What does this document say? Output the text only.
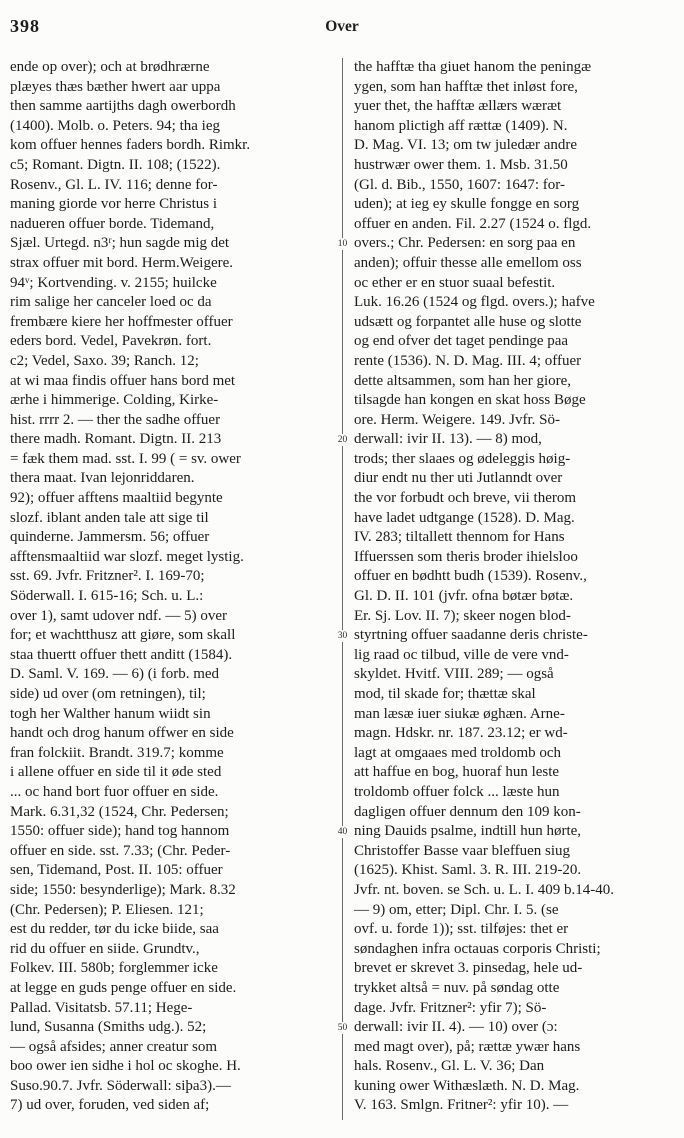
398	Over
ende op over); och at brødhrærne
plæyes thæs bæther hwert aar uppa
then samme aartijths dagh owerbordh
(1400). Molb. o. Peters. 94; tha ieg
kom offuer hennes faders bordh. Rimkr.
c5; Romant. Digtn. II. 108; (1522).
Rosenv., Gl. L. IV. 116; denne for-
maning giorde vor herre Christus i
nadueren offuer borde. Tidemand,
Sjæl. Urtegd. n3ʳ; hun sagde mig det
strax offuer mit bord. Herm.Weigere.
94ᵛ; Kortvending. v. 2155; huilcke
rim salige her canceler loed oc da
frembære kiere her hoffmester offuer
eders bord. Vedel, Pavekrøn. fort.
c2; Vedel, Saxo. 39; Ranch. 12;
at wi maa findis offuer hans bord met
ærhe i himmerige. Colding, Kirke-
hist. rrrr 2. — ther the sadhe offuer
there madh. Romant. Digtn. II. 213
= fæk them mad. sst. I. 99 ( = sv. ower
thera maat. Ivan lejonriddaren.
92); offuer afftens maaltiid begynte
slozf. iblant anden tale att sige til
quinderne. Jammersm. 56; offuer
afftensmaaltiid war slozf. meget lystig.
sst. 69. Jvfr. Fritzner². I. 169-70;
Söderwall. I. 615-16; Sch. u. L.:
over 1), samt udover ndf. — 5) over
for; et wachtthusz att giøre, som skall
staa thuertt offuer thett anditt (1584).
D. Saml. V. 169. — 6) (i forb. med
side) ud over (om retningen), til;
togh her Walther hanum wiidt sin
handt och drog hanum offwer en side
fran folckiit. Brandt. 319.7; komme
i allene offuer en side til it øde sted
... oc hand bort fuor offuer en side.
Mark. 6.31,32 (1524, Chr. Pedersen;
1550: offuer side); hand tog hannom
offuer en side. sst. 7.33; (Chr. Peder-
sen, Tidemand, Post. II. 105: offuer
side; 1550: besynderlige); Mark. 8.32
(Chr. Pedersen); P. Eliesen. 121;
est du redder, tør du icke biide, saa
rid du offuer en siide. Grundtv.,
Folkev. III. 580b; forglemmer icke
at legge en guds penge offuer en side.
Pallad. Visitatsb. 57.11; Hege-
lund, Susanna (Smiths udg.). 52;
— også afsides; anner creatur som
boo ower ien sidhe i hol oc skoghe. H.
Suso.90.7. Jvfr. Söderwall: siþa3).—
7) ud over, foruden, ved siden af;
the hafftæ tha giuet hanom the peningæ
ygen, som han hafftæ thet inløst fore,
yuer thet, the hafftæ ællærs wæræt
hanom plictigh aff rættæ (1409). N.
D. Mag. VI. 13; om tw juledær andre
hustrwær ower them. 1. Msb. 31.50
(Gl. d. Bib., 1550, 1607: 1647: for-
uden); at ieg ey skulle fongge en sorg
offuer en anden. Fil. 2.27 (1524 o. flgd.
overs.; Chr. Pedersen: en sorg paa en
anden); offuir thesse alle emellom oss
oc ether er en stuor suaal befestit.
Luk. 16.26 (1524 og flgd. overs.); hafve
udsætt og forpantet alle huse og slotte
og end ofver det taget pendinge paa
rente (1536). N. D. Mag. III. 4; offuer
dette altsammen, som han her giore,
tilsagde han kongen en skat hoss Bøge
ore. Herm. Weigere. 149. Jvfr. Sö-
derwall: ivir II. 13). — 8) mod,
trods; ther slaaes og ødeleggis høig-
diur endt nu ther uti Jutlanndt over
the vor forbudt och breve, vii therom
have ladet udtgange (1528). D. Mag.
IV. 283; tiltallett thennom for Hans
Iffuerssen som theris broder ihielsloo
offuer en bødhtt budh (1539). Rosenv.,
Gl. D. II. 101 (jvfr. ofna bøtær bøtæ.
Er. Sj. Lov. II. 7); skeer nogen blod-
styrtning offuer saadanne deris christe-
lig raad oc tilbud, ville de vere vnd-
skyldet. Hvitf. VIII. 289; — også
mod, til skade for; thættæ skal
man læsæ iuer siukæ øghæn. Arne-
magn. Hdskr. nr. 187. 23.12; er wd-
lagt at omgaaes med troldomb och
att haffue en bog, huoraf hun leste
troldomb offuer folck ... læste hun
dagligen offuer dennum den 109 kon-
ning Dauids psalme, indtill hun hørte,
Christoffer Basse vaar bleffuen siug
(1625). Khist. Saml. 3. R. III. 219-20.
Jvfr. nt. boven. se Sch. u. L. I. 409 b.14-40.
— 9) om, etter; Dipl. Chr. I. 5. (se
ovf. u. forde 1)); sst. tilføjes: thet er
søndaghen infra octauas corporis Christi;
brevet er skrevet 3. pinsedag, hele ud-
trykket altså = nuv. på søndag otte
dage. Jvfr. Fritzner²: yfir 7); Sö-
derwall: ivir II. 4). — 10) over (ɔ:
med magt over), på; rættæ ywær hans
hals. Rosenv., Gl. L. V. 36; Dan
kuning ower Withæslæth. N. D. Mag.
V. 163. Smlgn. Fritner²: yfir 10). —
10
20
30
40
50
